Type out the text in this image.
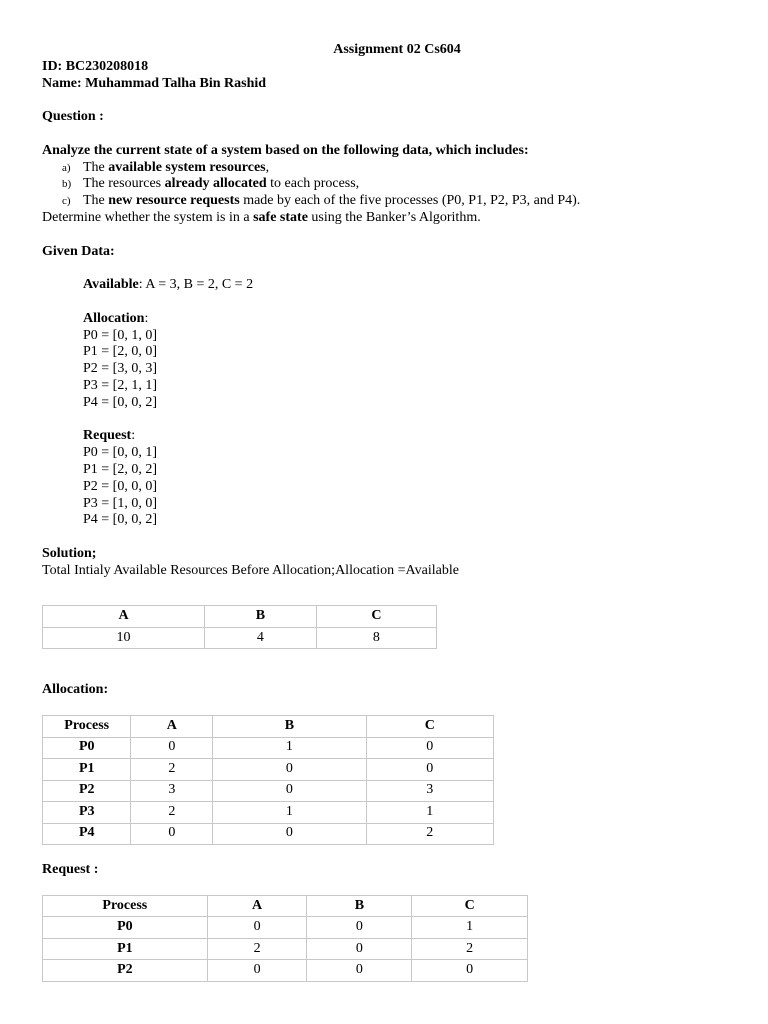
Assignment 02 Cs604
ID: BC230208018
Name: Muhammad Talha Bin Rashid
Question :
Analyze the current state of a system based on the following data, which includes:
a) The available system resources,
b) The resources already allocated to each process,
c) The new resource requests made by each of the five processes (P0, P1, P2, P3, and P4).
Determine whether the system is in a safe state using the Banker’s Algorithm.
Given Data:
Available: A = 3, B = 2, C = 2
Allocation:
P0 = [0, 1, 0]
P1 = [2, 0, 0]
P2 = [3, 0, 3]
P3 = [2, 1, 1]
P4 = [0, 0, 2]
Request:
P0 = [0, 0, 1]
P1 = [2, 0, 2]
P2 = [0, 0, 0]
P3 = [1, 0, 0]
P4 = [0, 0, 2]
Solution;
Total Intialy Available Resources Before Allocation;Allocation =Available
A	B	C
10	4	8
Allocation:
Process	A	B	C
P0	0	1	0
P1	2	0	0
P2	3	0	3
P3	2	1	1
P4	0	0	2
Request :
Process	A	B	C
P0	0	0	1
P1	2	0	2
P2	0	0	0
